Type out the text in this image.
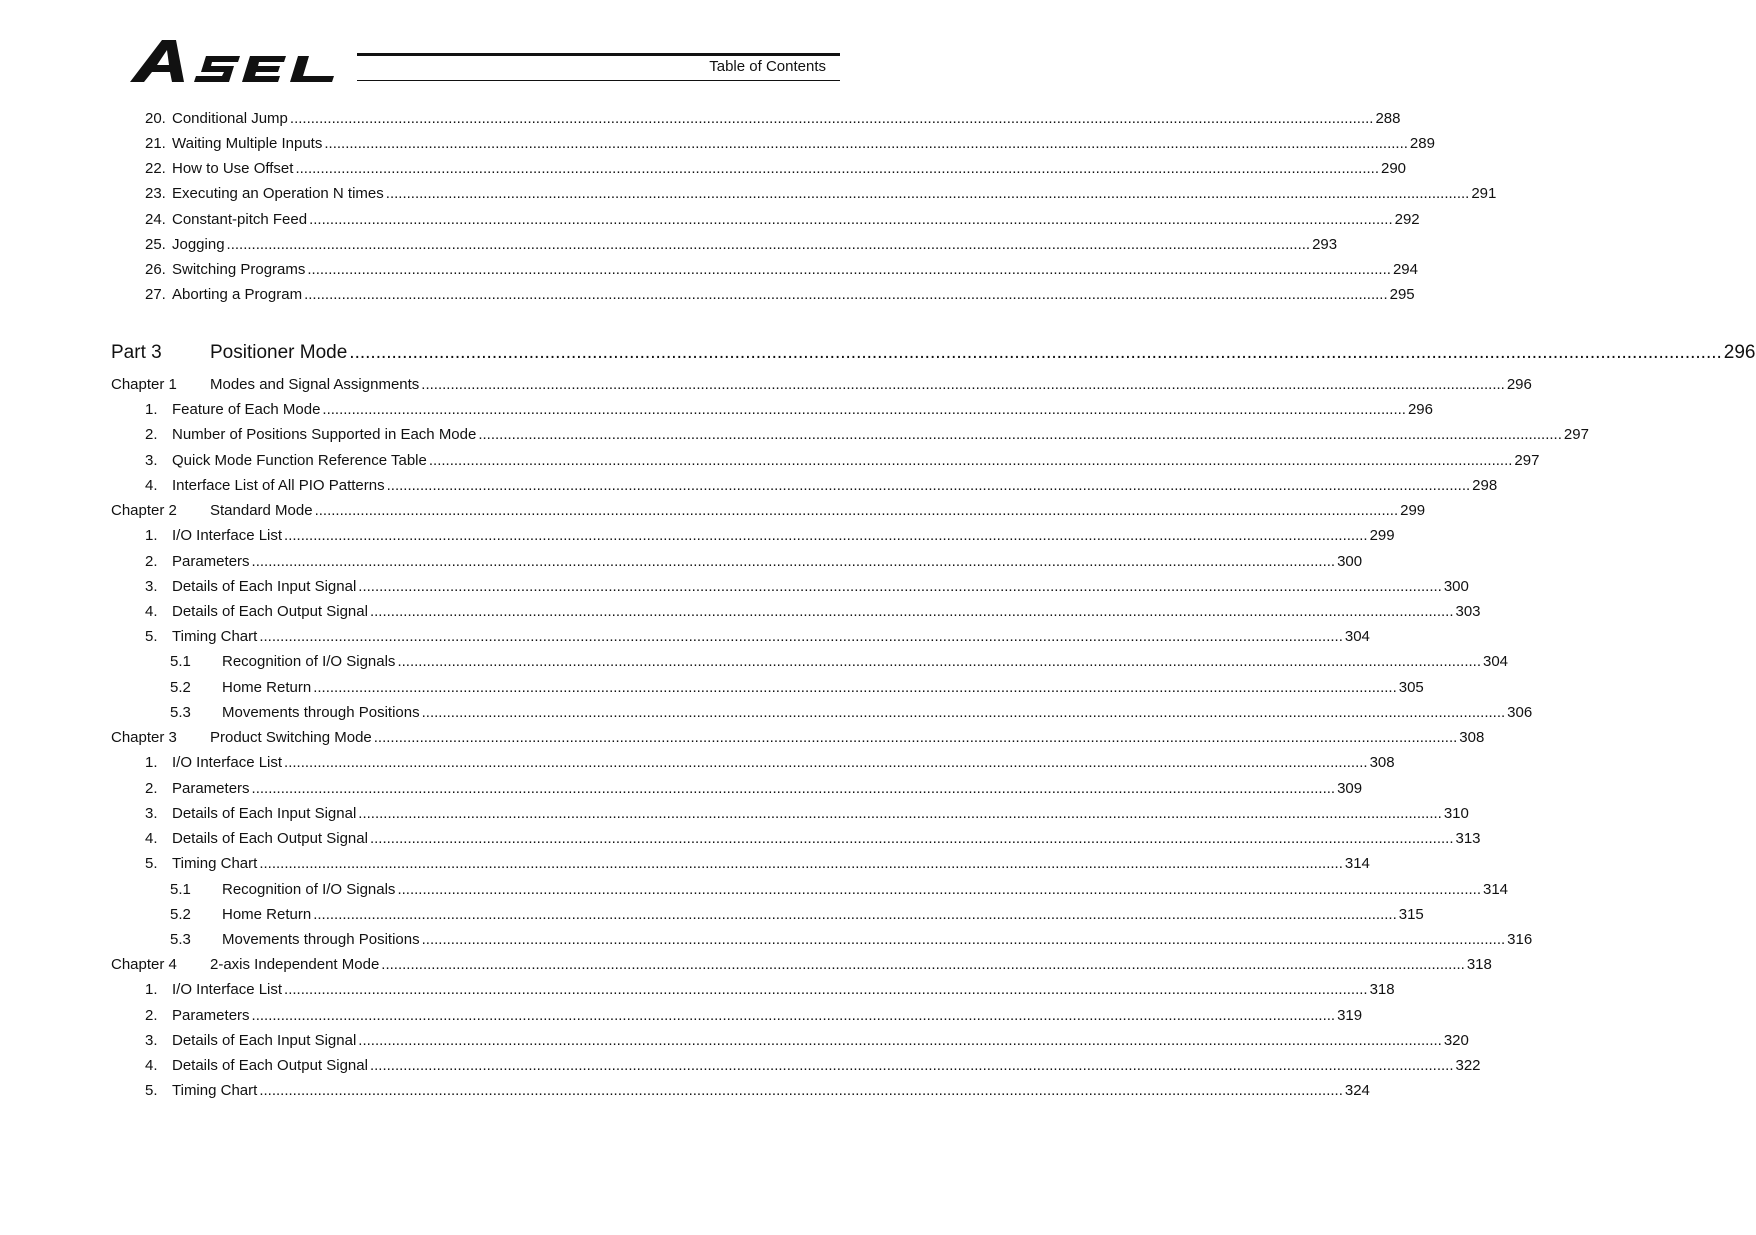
Table of Contents
20. Conditional Jump .................................................................................................................................................................................................................................................................... 288
21. Waiting Multiple Inputs .................................................................................................................................................................................................................................................................... 289
22. How to Use Offset .................................................................................................................................................................................................................................................................... 290
23. Executing an Operation N times .................................................................................................................................................................................................................................................................... 291
24. Constant-pitch Feed .................................................................................................................................................................................................................................................................... 292
25. Jogging .................................................................................................................................................................................................................................................................... 293
26. Switching Programs .................................................................................................................................................................................................................................................................... 294
27. Aborting a Program .................................................................................................................................................................................................................................................................... 295
Part 3	Positioner Mode .................................................................................................................................................................................................................................................................... 296
Chapter 1 Modes and Signal Assignments .................................................................................................................................................................................................................................................................... 296
1. Feature of Each Mode .................................................................................................................................................................................................................................................................... 296
2. Number of Positions Supported in Each Mode .................................................................................................................................................................................................................................................................... 297
3. Quick Mode Function Reference Table .................................................................................................................................................................................................................................................................... 297
4. Interface List of All PIO Patterns .................................................................................................................................................................................................................................................................... 298
Chapter 2 Standard Mode .................................................................................................................................................................................................................................................................... 299
1. I/O Interface List .................................................................................................................................................................................................................................................................... 299
2. Parameters .................................................................................................................................................................................................................................................................... 300
3. Details of Each Input Signal .................................................................................................................................................................................................................................................................... 300
4. Details of Each Output Signal .................................................................................................................................................................................................................................................................... 303
5. Timing Chart .................................................................................................................................................................................................................................................................... 304
5.1 Recognition of I/O Signals .................................................................................................................................................................................................................................................................... 304
5.2 Home Return .................................................................................................................................................................................................................................................................... 305
5.3 Movements through Positions .................................................................................................................................................................................................................................................................... 306
Chapter 3 Product Switching Mode .................................................................................................................................................................................................................................................................... 308
1. I/O Interface List .................................................................................................................................................................................................................................................................... 308
2. Parameters .................................................................................................................................................................................................................................................................... 309
3. Details of Each Input Signal .................................................................................................................................................................................................................................................................... 310
4. Details of Each Output Signal .................................................................................................................................................................................................................................................................... 313
5. Timing Chart .................................................................................................................................................................................................................................................................... 314
5.1 Recognition of I/O Signals .................................................................................................................................................................................................................................................................... 314
5.2 Home Return .................................................................................................................................................................................................................................................................... 315
5.3 Movements through Positions .................................................................................................................................................................................................................................................................... 316
Chapter 4 2-axis Independent Mode .................................................................................................................................................................................................................................................................... 318
1. I/O Interface List .................................................................................................................................................................................................................................................................... 318
2. Parameters .................................................................................................................................................................................................................................................................... 319
3. Details of Each Input Signal .................................................................................................................................................................................................................................................................... 320
4. Details of Each Output Signal .................................................................................................................................................................................................................................................................... 322
5. Timing Chart .................................................................................................................................................................................................................................................................... 324
